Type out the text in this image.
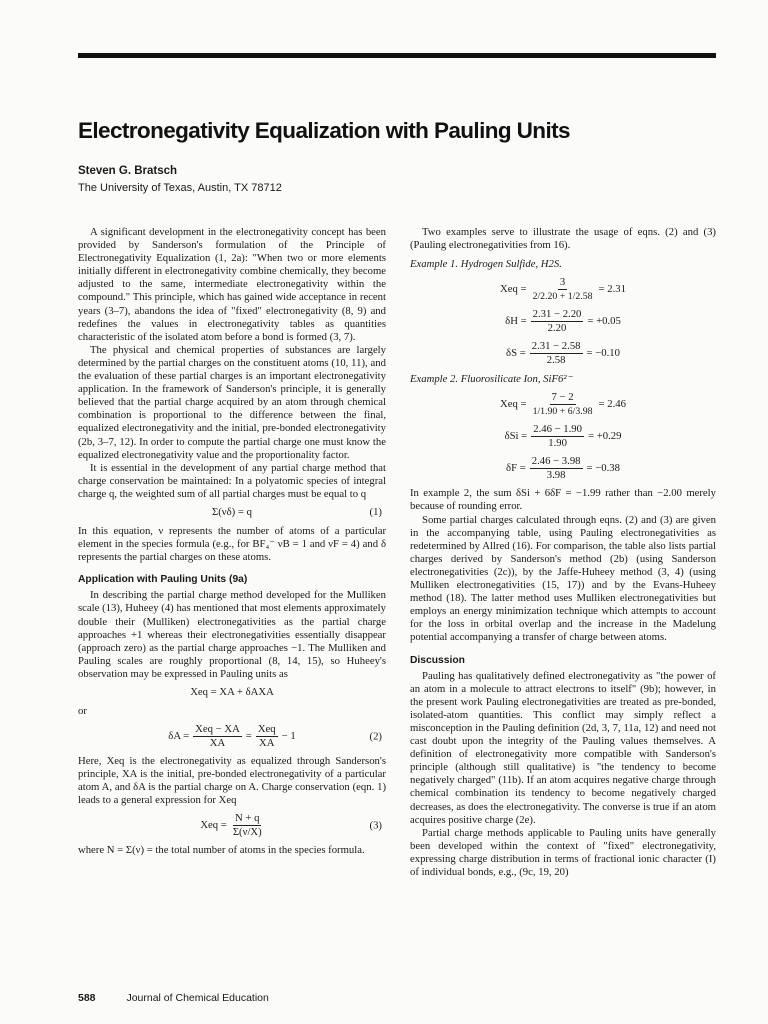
Electronegativity Equalization with Pauling Units
Steven G. Bratsch
The University of Texas, Austin, TX 78712

A significant development in the electronegativity concept has been provided by Sanderson's formulation of the Principle of Electronegativity Equalization (1, 2a): "When two or more elements initially different in electronegativity combine chemically, they become adjusted to the same, intermediate electronegativity within the compound." This principle, which has gained wide acceptance in recent years (3–7), abandons the idea of "fixed" electronegativity (8, 9) and redefines the values in electronegativity tables as quantities characteristic of the isolated atom before a bond is formed (3, 7).

The physical and chemical properties of substances are largely determined by the partial charges on the constituent atoms (10, 11), and the evaluation of these partial charges is an important electronegativity application. In the framework of Sanderson's principle, it is generally believed that the partial charge acquired by an atom through chemical combination is proportional to the difference between the final, equalized electronegativity and the initial, pre-bonded electronegativity (2b, 3–7, 12). In order to compute the partial charge one must know the equalized electronegativity value and the proportionality factor.

It is essential in the development of any partial charge method that charge conservation be maintained: In a polyatomic species of integral charge q, the weighted sum of all partial charges must be equal to q

Σ(νδ) = q	(1)

In this equation, ν represents the number of atoms of a particular element in the species formula (e.g., for BF₄⁻ νB = 1 and νF = 4) and δ represents the partial charges on these atoms.

Application with Pauling Units (9a)

In describing the partial charge method developed for the Mulliken scale (13), Huheey (4) has mentioned that most elements approximately double their (Mulliken) electronegativities as the partial charge approaches +1 whereas their electronegativities essentially disappear (approach zero) as the partial charge approaches −1. The Mulliken and Pauling scales are roughly proportional (8, 14, 15), so Huheey's observation may be expressed in Pauling units as

Xeq = XA + δAXA

or

$\delta A = \frac{\text{Xeq − XA}}{XA} = \frac{\text{Xeq}}{XA} - 1$	(2)

Here, Xeq is the electronegativity as equalized through Sanderson's principle, XA is the initial, pre-bonded electronegativity of a particular atom A, and δA is the partial charge on A. Charge conservation (eqn. 1) leads to a general expression for Xeq

Xeq = $\frac{N + q}{\Sigma(\nu/X)}$	(3)

where N = Σ(ν) = the total number of atoms in the species formula.

Two examples serve to illustrate the usage of eqns. (2) and (3) (Pauling electronegativities from 16).

Example 1. Hydrogen Sulfide, H2S.
Xeq = $\frac{3}{2/2.20 + 1/2.58} = 2.31$
$\delta H = \frac{2.31 - 2.20}{2.20} = +0.05$
$\delta S = \frac{2.31 - 2.58}{2.58} = -0.10$
Example 2. Fluorosilicate Ion, SiF6²⁻
Xeq = $\frac{7 - 2}{1/1.90 + 6/3.98} = 2.46$
$\delta Si = \frac{2.46 - 1.90}{1.90} = +0.29$
$\delta F = \frac{2.46 - 3.98}{3.98} = -0.38$

In example 2, the sum δSi + 6δF = −1.99 rather than −2.00 merely because of rounding error.

Some partial charges calculated through eqns. (2) and (3) are given in the accompanying table, using Pauling electronegativities as redetermined by Allred (16). For comparison, the table also lists partial charges derived by Sanderson's method (2b) (using Sanderson electronegativities (2c)), by the Jaffe-Huheey method (3, 4) (using Mulliken electronegativities (15, 17)) and by the Evans-Huheey method (18). The latter method uses Mulliken electronegativities but employs an energy minimization technique which attempts to account for the loss in orbital overlap and the increase in the Madelung potential accompanying a transfer of charge between atoms.

Discussion

Pauling has qualitatively defined electronegativity as "the power of an atom in a molecule to attract electrons to itself" (9b); however, in the present work Pauling electronegativities are treated as pre-bonded, isolated-atom quantities. This conflict may simply reflect a misconception in the Pauling definition (2d, 3, 7, 11a, 12) and need not cast doubt upon the integrity of the Pauling values themselves. A definition of electronegativity more compatible with Sanderson's principle (although still qualitative) is "the tendency to become negatively charged" (11b). If an atom acquires negative charge through chemical combination its tendency to become negatively charged decreases, as does the electronegativity. The converse is true if an atom acquires positive charge (2e).

Partial charge methods applicable to Pauling units have generally been developed within the context of "fixed" electronegativity, expressing charge distribution in terms of fractional ionic character (I) of individual bonds, e.g., (9c, 19, 20)

588	Journal of Chemical Education
